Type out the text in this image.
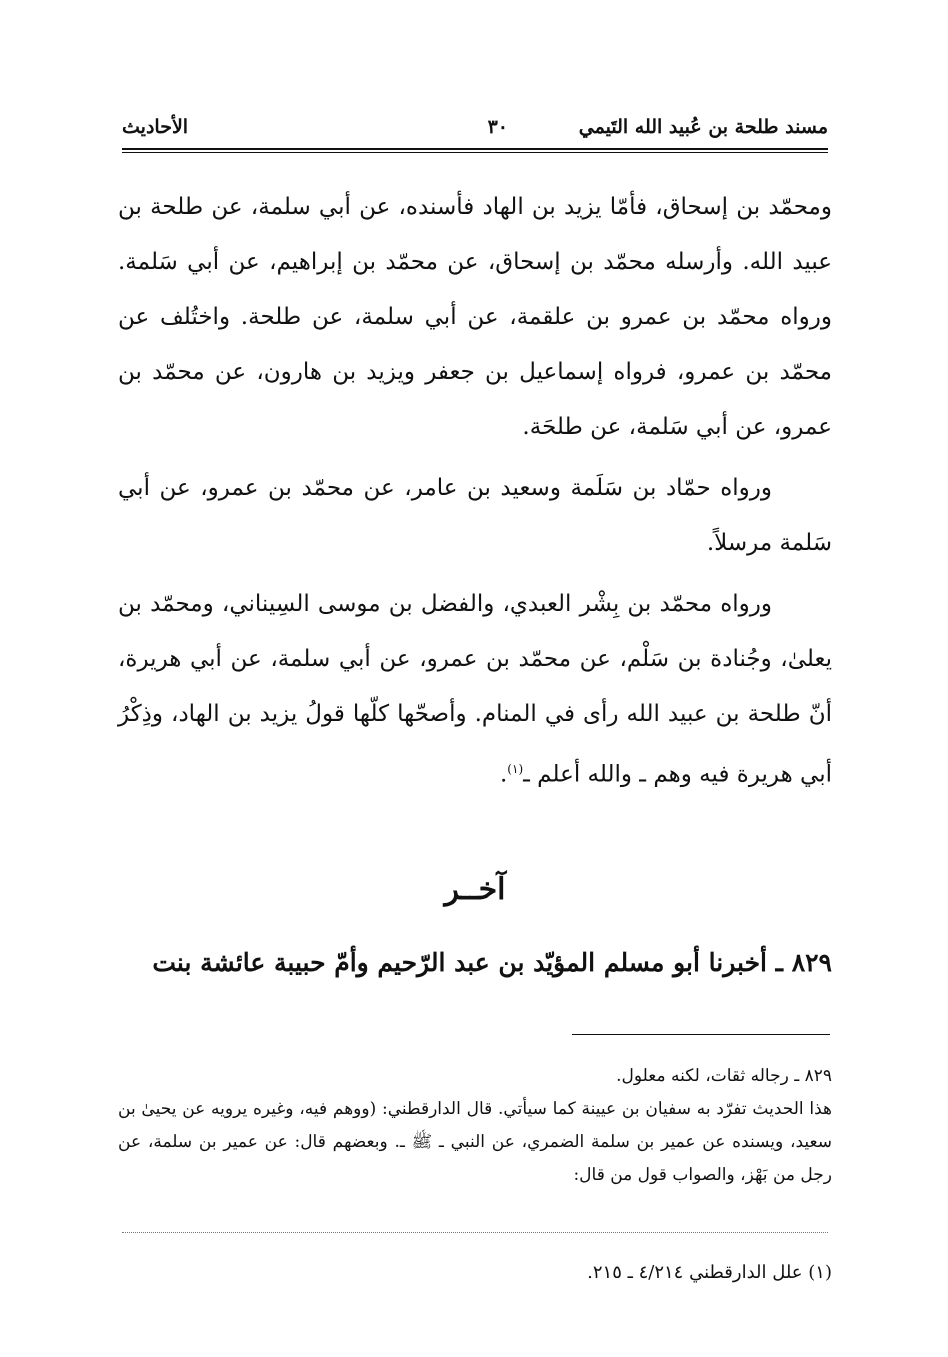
مسند طلحة بن عُبيد الله التَيمي
٣٠
الأحاديث

ومحمّد بن إسحاق، فأمّا يزيد بن الهاد فأسنده، عن أبي سلمة، عن طلحة بن عبيد الله. وأرسله محمّد بن إسحاق، عن محمّد بن إبراهيم، عن أبي سَلمة. ورواه محمّد بن عمرو بن علقمة، عن أبي سلمة، عن طلحة. واختُلف عن محمّد بن عمرو، فرواه إسماعيل بن جعفر ويزيد بن هارون، عن محمّد بن عمرو، عن أبي سَلمة، عن طلحَة.

ورواه حمّاد بن سَلَمة وسعيد بن عامر، عن محمّد بن عمرو، عن أبي سَلمة مرسلاً.

ورواه محمّد بن بِشْر العبدي، والفضل بن موسى السِيناني، ومحمّد بن يعلىٰ، وجُنادة بن سَلْم، عن محمّد بن عمرو، عن أبي سلمة، عن أبي هريرة، أنّ طلحة بن عبيد الله رأى في المنام. وأصحّها كلّها قولُ يزيد بن الهاد، وذِكْرُ أبي هريرة فيه وهم ـ والله أعلم ـ$^{(١)}$.

آخــر
٨٢٩ ـ أخبرنا أبو مسلم المؤيّد بن عبد الرّحيم وأمّ حبيبة عائشة بنت

٨٢٩ ـ رجاله ثقات، لكنه معلول.

هذا الحديث تفرّد به سفيان بن عيينة كما سيأتي. قال الدارقطني: (ووهم فيه، وغيره يرويه عن يحيىٰ بن سعيد، ويسنده عن عمير بن سلمة الضمري، عن النبي ـ ﷺ ـ. وبعضهم قال: عن عمير بن سلمة، عن رجل من بَهْز، والصواب قول من قال:

(١) علل الدارقطني ٤/٢١٤ ـ ٢١٥.
